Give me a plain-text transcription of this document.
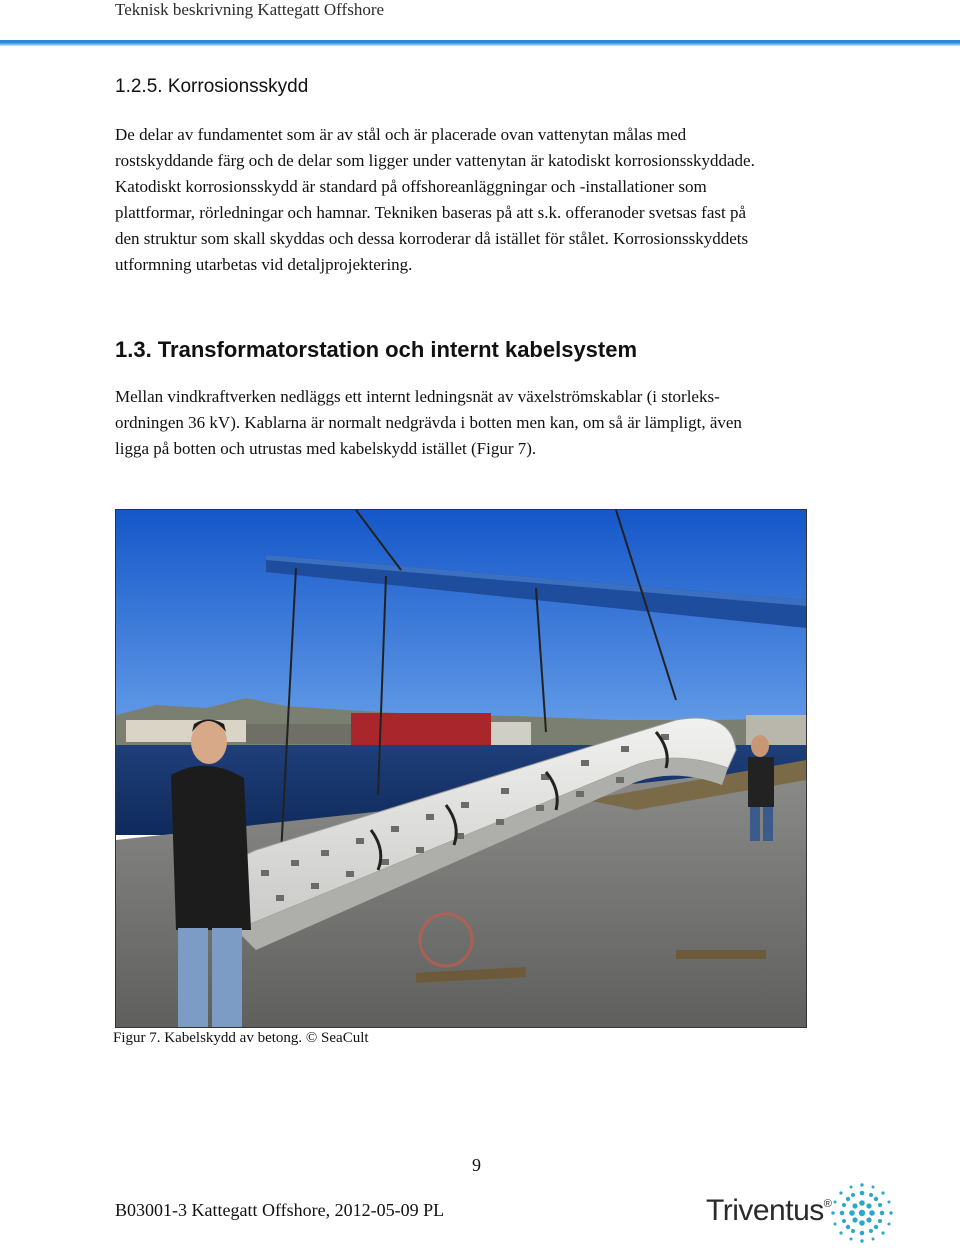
Teknisk beskrivning Kattegatt Offshore
1.2.5. Korrosionsskydd
De delar av fundamentet som är av stål och är placerade ovan vattenytan målas med
rostskyddande färg och de delar som ligger under vattenytan är katodiskt korrosionsskyddade.
Katodiskt korrosionsskydd är standard på offshoreanläggningar och -installationer som
plattformar, rörledningar och hamnar. Tekniken baseras på att s.k. offeranoder svetsas fast på
den struktur som skall skyddas och dessa korroderar då istället för stålet. Korrosionsskyddets
utformning utarbetas vid detaljprojektering.
1.3. Transformatorstation och internt kabelsystem
Mellan vindkraftverken nedläggs ett internt ledningsnät av växelströmskablar (i storleks-
ordningen 36 kV). Kablarna är normalt nedgrävda i botten men kan, om så är lämpligt, även
ligga på botten och utrustas med kabelskydd istället (Figur 7).
Figur 7. Kabelskydd av betong. © SeaCult
9
B03001-3 Kattegatt Offshore, 2012-05-09 PL	Triventus®
